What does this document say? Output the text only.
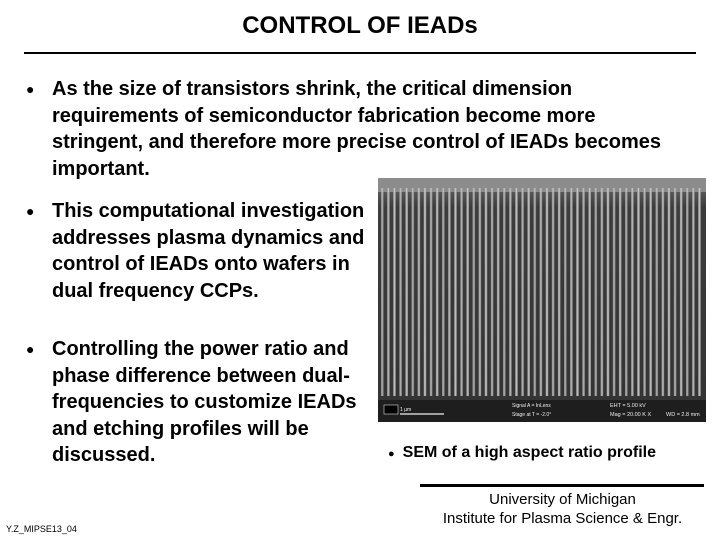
CONTROL OF IEADs
● As the size of transistors shrink, the critical dimension requirements of semiconductor fabrication become more stringent, and therefore more precise control of IEADs becomes important.
● This computational investigation addresses plasma dynamics and control of IEADs onto wafers in dual frequency CCPs.
● Controlling the power ratio and phase difference between dual-frequencies to customize IEADs and etching profiles will be discussed.
1 µm
Signal A = InLens
Stage at T = -2.0°
EHT = 5.00 kV
Mag = 20.00 K X	WD = 2.8 mm
● SEM of a high aspect ratio profile
University of Michigan
Institute for Plasma Science & Engr.
Y.Z_MIPSE13_04
